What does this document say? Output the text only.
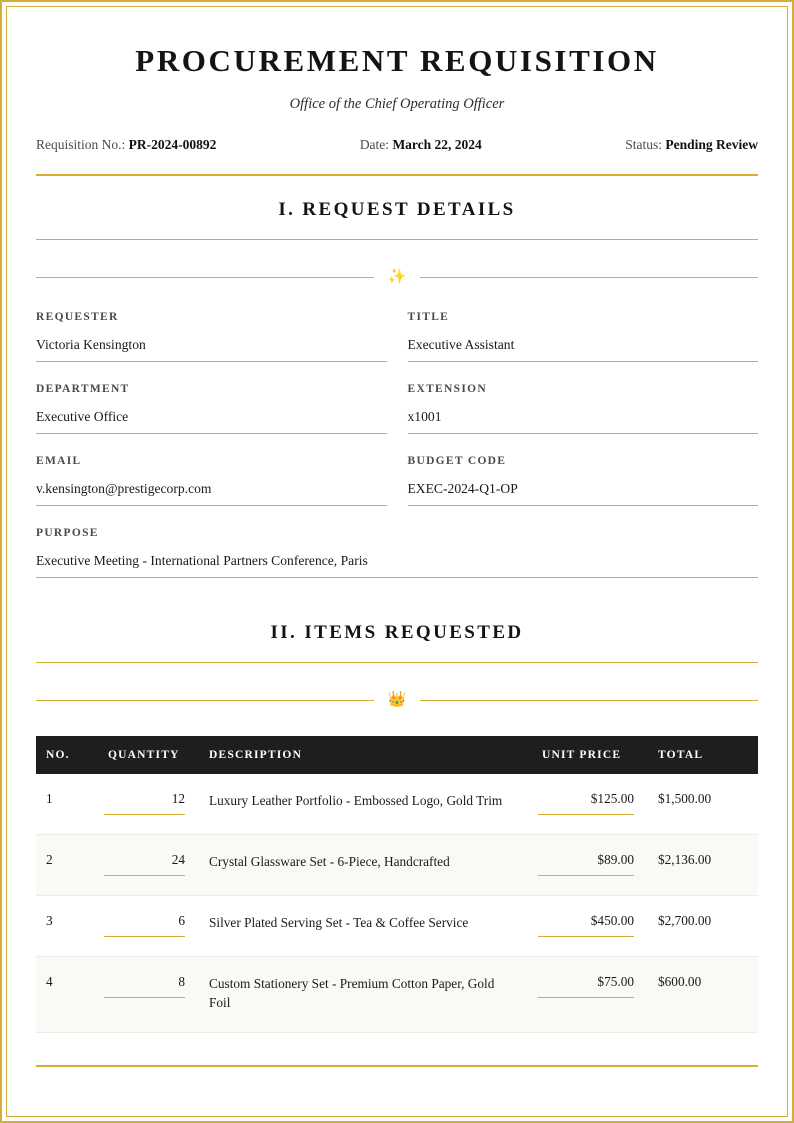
PROCUREMENT REQUISITION
Office of the Chief Operating Officer
Requisition No.: PR-2024-00892	Date: March 22, 2024	Status: Pending Review
I. REQUEST DETAILS
✨
REQUESTER
Victoria Kensington
TITLE
Executive Assistant
DEPARTMENT
Executive Office
EXTENSION
x1001
EMAIL
v.kensington@prestigecorp.com
BUDGET CODE
EXEC-2024-Q1-OP
PURPOSE
Executive Meeting - International Partners Conference, Paris
II. ITEMS REQUESTED
👑
NO.	QUANTITY	DESCRIPTION	UNIT PRICE	TOTAL
1	12	Luxury Leather Portfolio - Embossed Logo, Gold Trim	$125.00	$1,500.00
2	24	Crystal Glassware Set - 6-Piece, Handcrafted	$89.00	$2,136.00
3	6	Silver Plated Serving Set - Tea & Coffee Service	$450.00	$2,700.00
4	8	Custom Stationery Set - Premium Cotton Paper, Gold Foil	$75.00	$600.00
